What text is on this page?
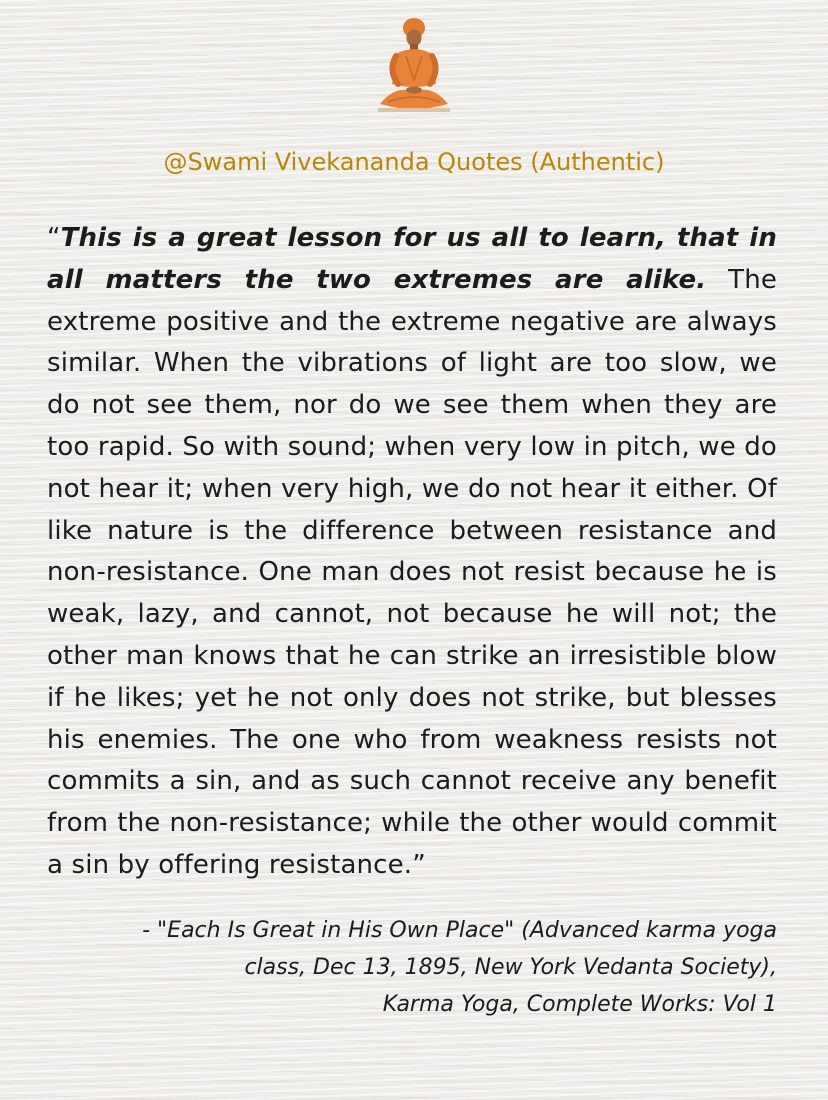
@Swami Vivekananda Quotes (Authentic)

“This is a great lesson for us all to learn, that in all matters the two extremes are alike. The extreme positive and the extreme negative are always similar. When the vibrations of light are too slow, we do not see them, nor do we see them when they are too rapid. So with sound; when very low in pitch, we do not hear it; when very high, we do not hear it either. Of like nature is the difference between resistance and non-resistance. One man does not resist because he is weak, lazy, and cannot, not because he will not; the other man knows that he can strike an irresistible blow if he likes; yet he not only does not strike, but blesses his enemies. The one who from weakness resists not commits a sin, and as such cannot receive any benefit from the non-resistance; while the other would commit a sin by offering resistance.”

- "Each Is Great in His Own Place" (Advanced karma yoga
class, Dec 13, 1895, New York Vedanta Society),
Karma Yoga, Complete Works: Vol 1
